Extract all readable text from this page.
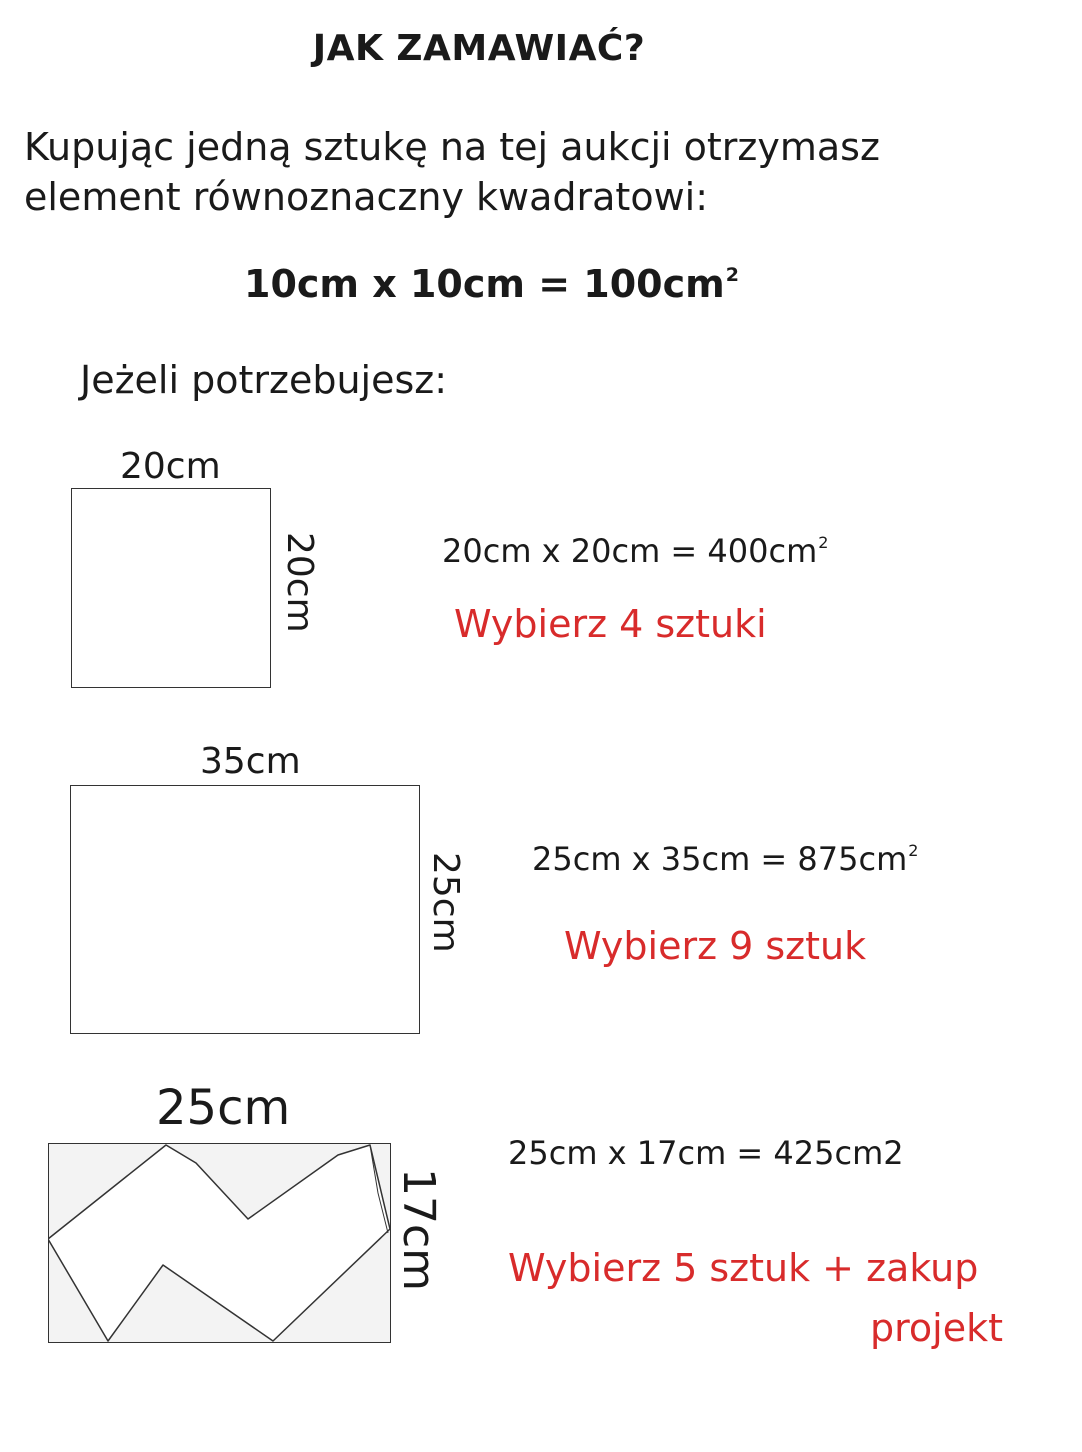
JAK ZAMAWIAĆ?
Kupując jedną sztukę na tej aukcji otrzymasz
element równoznaczny kwadratowi:
10cm x $10cm = 100cm^2$
Jeżeli potrzebujesz:
20cm
20cm	20cm x $20cm = 400cm^2$
Wybierz 4 sztuki
35cm
25cm 25cm x $35cm = 875cm^2$
Wybierz 9 sztuk
25cm
17cm
25cm x 17cm = 425cm2
Wybierz 5 sztuk + zakup
projekt
